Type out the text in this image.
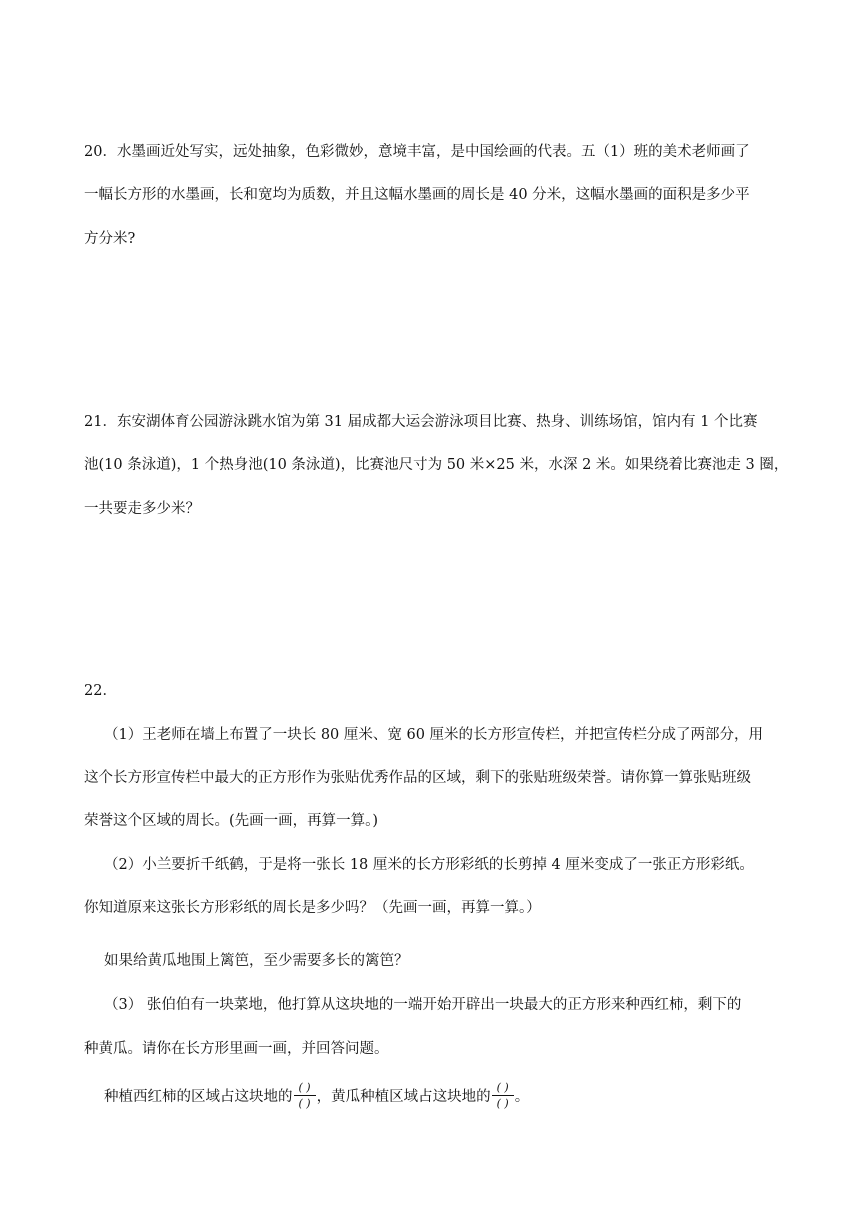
20．水墨画近处写实，远处抽象，色彩微妙，意境丰富，是中国绘画的代表。五（1）班的美术老师画了
一幅长方形的水墨画，长和宽均为质数，并且这幅水墨画的周长是 40 分米，这幅水墨画的面积是多少平
方分米?
21．东安湖体育公园游泳跳水馆为第 31 届成都大运会游泳项目比赛、热身、训练场馆，馆内有 1 个比赛
池(10 条泳道)，1 个热身池(10 条泳道)，比赛池尺寸为 50 米×25 米，水深 2 米。如果绕着比赛池走 3 圈，
一共要走多少米？
22．
（1）王老师在墙上布置了一块长 80 厘米、宽 60 厘米的长方形宣传栏，并把宣传栏分成了两部分，用
这个长方形宣传栏中最大的正方形作为张贴优秀作品的区域，剩下的张贴班级荣誉。请你算一算张贴班级
荣誉这个区域的周长。(先画一画，再算一算。)
（2）小兰要折千纸鹤，于是将一张长 18 厘米的长方形彩纸的长剪掉 4 厘米变成了一张正方形彩纸。
你知道原来这张长方形彩纸的周长是多少吗？（先画一画，再算一算。）
如果给黄瓜地围上篱笆，至少需要多长的篱笆？
（3） 张伯伯有一块菜地，他打算从这块地的一端开始开辟出一块最大的正方形来种西红柿，剩下的
种黄瓜。请你在长方形里画一画，并回答问题。
种植西红柿的区域占这块地的 $\frac{( )}{( )}$ ，黄瓜种植区域占这块地的 $\frac{( )}{( )}$ 。
